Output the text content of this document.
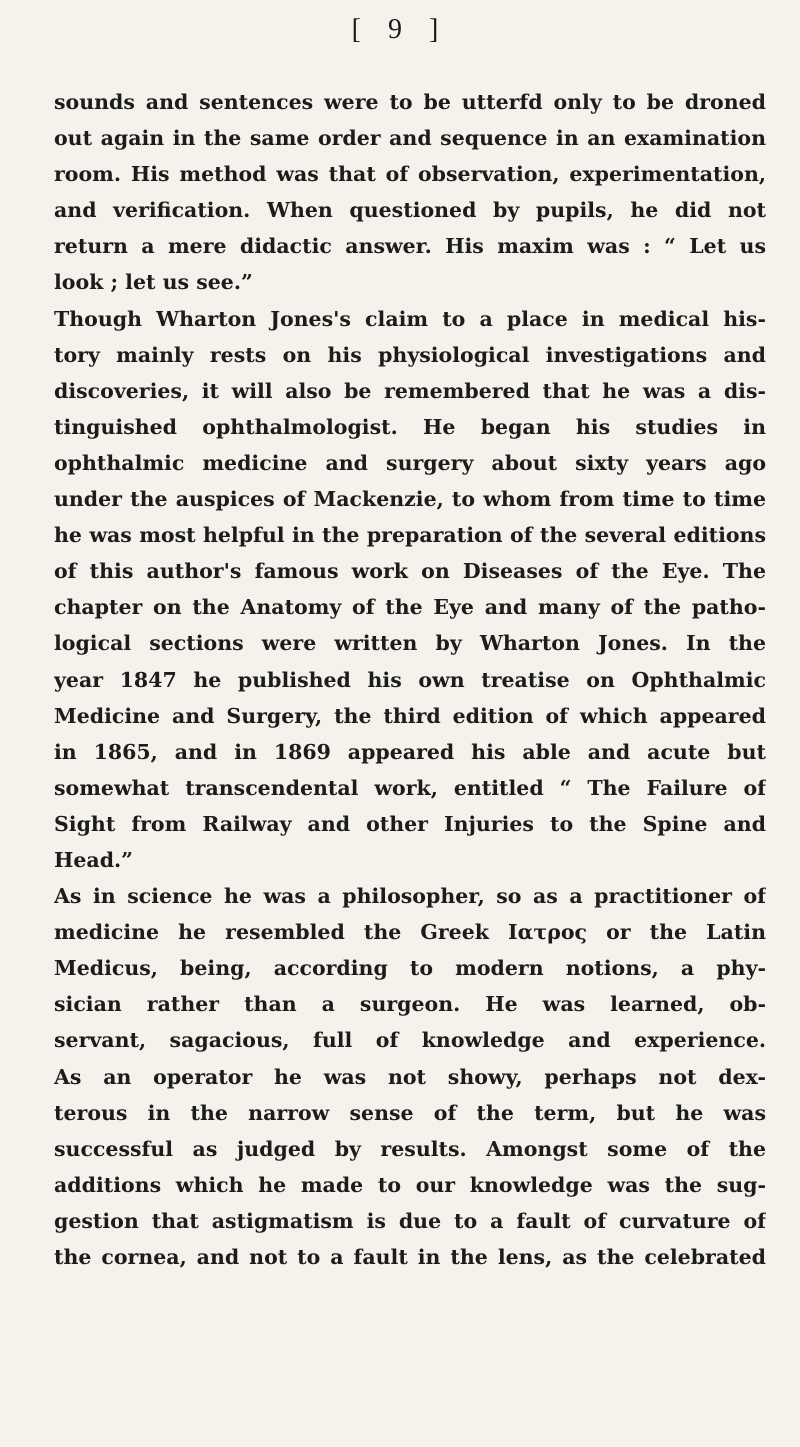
[ 9 ]
sounds and sentences were to be utterfd only to be droned
out again in the same order and sequence in an examination
room. His method was that of observation, experimentation,
and verification. When questioned by pupils, he did not
return a mere didactic answer. His maxim was : “ Let us
look ; let us see.”
Though Wharton Jones's claim to a place in medical his-
tory mainly rests on his physiological investigations and
discoveries, it will also be remembered that he was a dis-
tinguished ophthalmologist. He began his studies in
ophthalmic medicine and surgery about sixty years ago
under the auspices of Mackenzie, to whom from time to time
he was most helpful in the preparation of the several editions
of this author's famous work on Diseases of the Eye. The
chapter on the Anatomy of the Eye and many of the patho-
logical sections were written by Wharton Jones. In the
year 1847 he published his own treatise on Ophthalmic
Medicine and Surgery, the third edition of which appeared
in 1865, and in 1869 appeared his able and acute but
somewhat transcendental work, entitled “ The Failure of
Sight from Railway and other Injuries to the Spine and
Head.”
As in science he was a philosopher, so as a practitioner of
medicine he resembled the Greek Ιατρος or the Latin
Medicus, being, according to modern notions, a phy-
sician rather than a surgeon. He was learned, ob-
servant, sagacious, full of knowledge and experience.
As an operator he was not showy, perhaps not dex-
terous in the narrow sense of the term, but he was
successful as judged by results. Amongst some of the
additions which he made to our knowledge was the sug-
gestion that astigmatism is due to a fault of curvature of
the cornea, and not to a fault in the lens, as the celebrated
